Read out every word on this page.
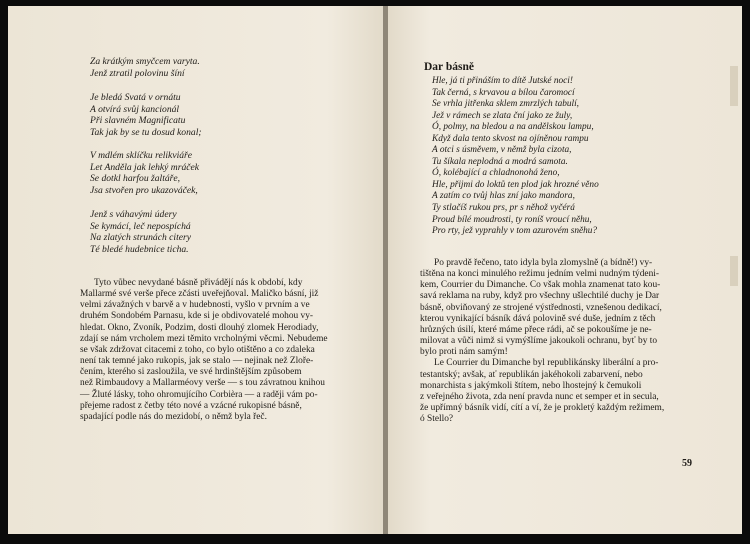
Za krátkým smyčcem varyta.
Jenž ztratil polovinu šíní
Je bledá Svatá v ornátu
A otvírá svůj kancionál
Při slavném Magnificatu
Tak jak by se tu dosud konal;
V mdlém sklíčku relikviáře
Let Anděla jak lehký mráček
Se dotkl harfou žaltáře,
Jsa stvořen pro ukazováček,
Jenž s váhavými údery
Se kymácí, leč nepospíchá
Na zlatých strunách citery
Té bledé hudebnice ticha.

Tyto vůbec nevydané básně přivádějí nás k období, kdy

Mallarmé své verše přece zčásti uveřejňoval. Maličko básní, již

velmi závažných v barvě a v hudebnosti, vyšlo v prvním a ve

druhém Sondobém Parnasu, kde si je obdivovatelé mohou vy-

hledat. Okno, Zvoník, Podzim, dosti dlouhý zlomek Herodiady,

zdají se nám vrcholem mezi těmito vrcholnými věcmi. Nebudeme

se však zdržovat citacemi z toho, co bylo otištěno a co zdaleka

není tak temné jako rukopis, jak se stalo — nejinak než Zloře-

čením, kterého si zasloužila, ve své hrdinštějším způsobem

než Rimbaudovy a Mallarméovy verše — s tou závratnou knihou

— Žluté lásky, toho ohromujícího Corbièra — a raději vám po-

přejeme radost z četby této nové a vzácné rukopisné básně,

spadající podle nás do mezidobí, o němž byla řeč.

Dar básně
Hle, já ti přináším to dítě Jutské noci!
Tak černá, s krvavou a bílou čaromocí
Se vrhla jitřenka sklem zmrzlých tabulí,
Jež v rámech se zlata ční jako ze žuly,
Ó, polmy, na bledou a na andělskou lampu,
Když dala tento skvost na ojíněnou rampu
A otci s úsměvem, v němž byla cizota,
Tu šíkala neplodná a modrá samota.
Ó, kolébající a chladnonohá ženo,
Hle, přijmi do loktů ten plod jak hrozné věno
A zatím co tvůj hlas zní jako mandora,
Ty stlačíš rukou prs, pr s něhož vyčérá
Proud bílé moudrosti, ty roníš vroucí něhu,
Pro rty, jež vyprahly v tom azurovém sněhu?

Po pravdě řečeno, tato idyla byla zlomyslně (a bídně!) vy-

tištěna na konci minulého režimu jedním velmi nudným týdeni-

kem, Courrier du Dimanche. Co však mohla znamenat tato kou-

savá reklama na ruby, když pro všechny ušlechtilé duchy je Dar

básně, obviňovaný ze strojené výstřednosti, vznešenou dedikací,

kterou vynikající básník dává polovině své duše, jedním z těch

hrůzných úsilí, které máme přece rádi, ač se pokoušíme je ne-

milovat a vůči nimž si vymýšlíme jakoukoli ochranu, byť by to

bylo proti nám samým!

Le Courrier du Dimanche byl republikánsky liberální a pro-

testantský; avšak, ať republikán jakéhokoli zabarvení, nebo

monarchista s jakýmkoli štítem, nebo lhostejný k čemukoli

z veřejného života, zda není pravda nunc et semper et in secula,

že upřímný básník vidí, cítí a ví, že je prokletý každým režimem,

ó Stello?

59
